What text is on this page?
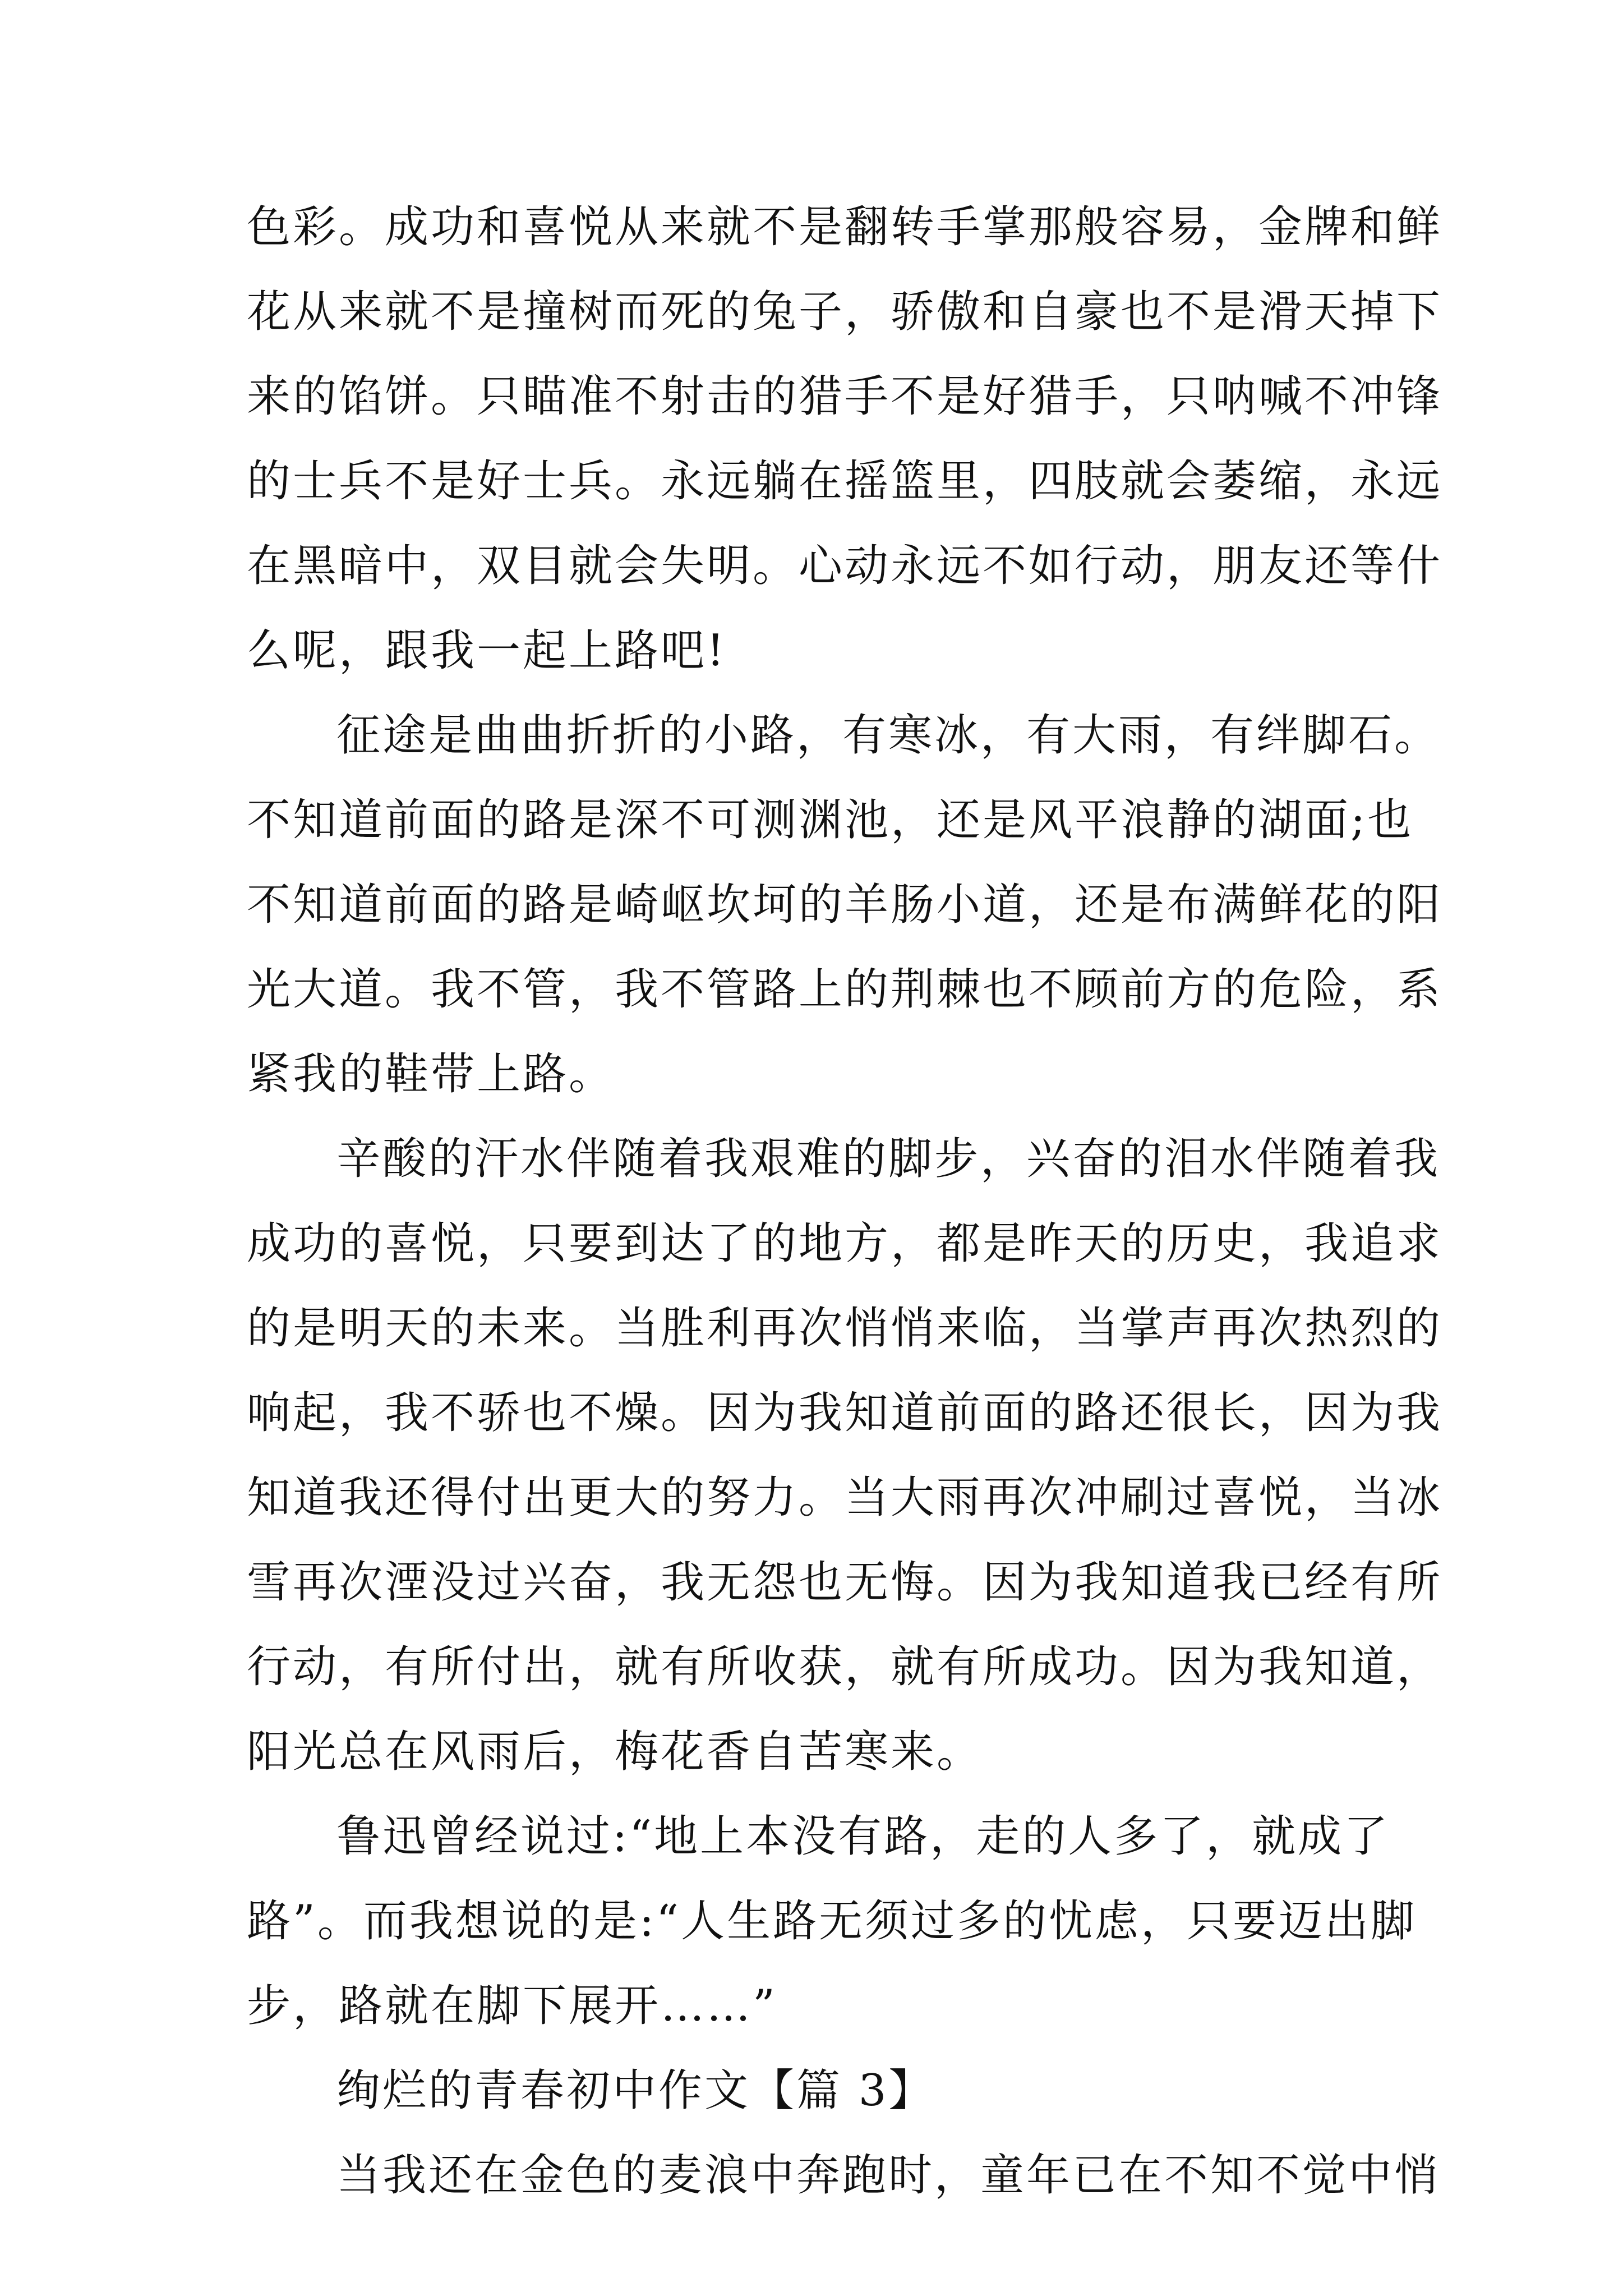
色彩。成功和喜悦从来就不是翻转手掌那般容易，金牌和鲜
花从来就不是撞树而死的兔子，骄傲和自豪也不是滑天掉下
来的馅饼。只瞄准不射击的猎手不是好猎手，只呐喊不冲锋
的士兵不是好士兵。永远躺在摇篮里，四肢就会萎缩，永远
在黑暗中，双目就会失明。心动永远不如行动，朋友还等什
么呢，跟我一起上路吧!
征途是曲曲折折的小路，有寒冰，有大雨，有绊脚石。
不知道前面的路是深不可测渊池，还是风平浪静的湖面;也
不知道前面的路是崎岖坎坷的羊肠小道，还是布满鲜花的阳
光大道。我不管，我不管路上的荆棘也不顾前方的危险，系
紧我的鞋带上路。
辛酸的汗水伴随着我艰难的脚步，兴奋的泪水伴随着我
成功的喜悦，只要到达了的地方，都是昨天的历史，我追求
的是明天的未来。当胜利再次悄悄来临，当掌声再次热烈的
响起，我不骄也不燥。因为我知道前面的路还很长，因为我
知道我还得付出更大的努力。当大雨再次冲刷过喜悦，当冰
雪再次湮没过兴奋，我无怨也无悔。因为我知道我已经有所
行动，有所付出，就有所收获，就有所成功。因为我知道，
阳光总在风雨后，梅花香自苦寒来。
鲁迅曾经说过:“地上本没有路，走的人多了，就成了
路”。而我想说的是:“人生路无须过多的忧虑，只要迈出脚
步，路就在脚下展开……”
绚烂的青春初中作文【篇 3】
当我还在金色的麦浪中奔跑时，童年已在不知不觉中悄
